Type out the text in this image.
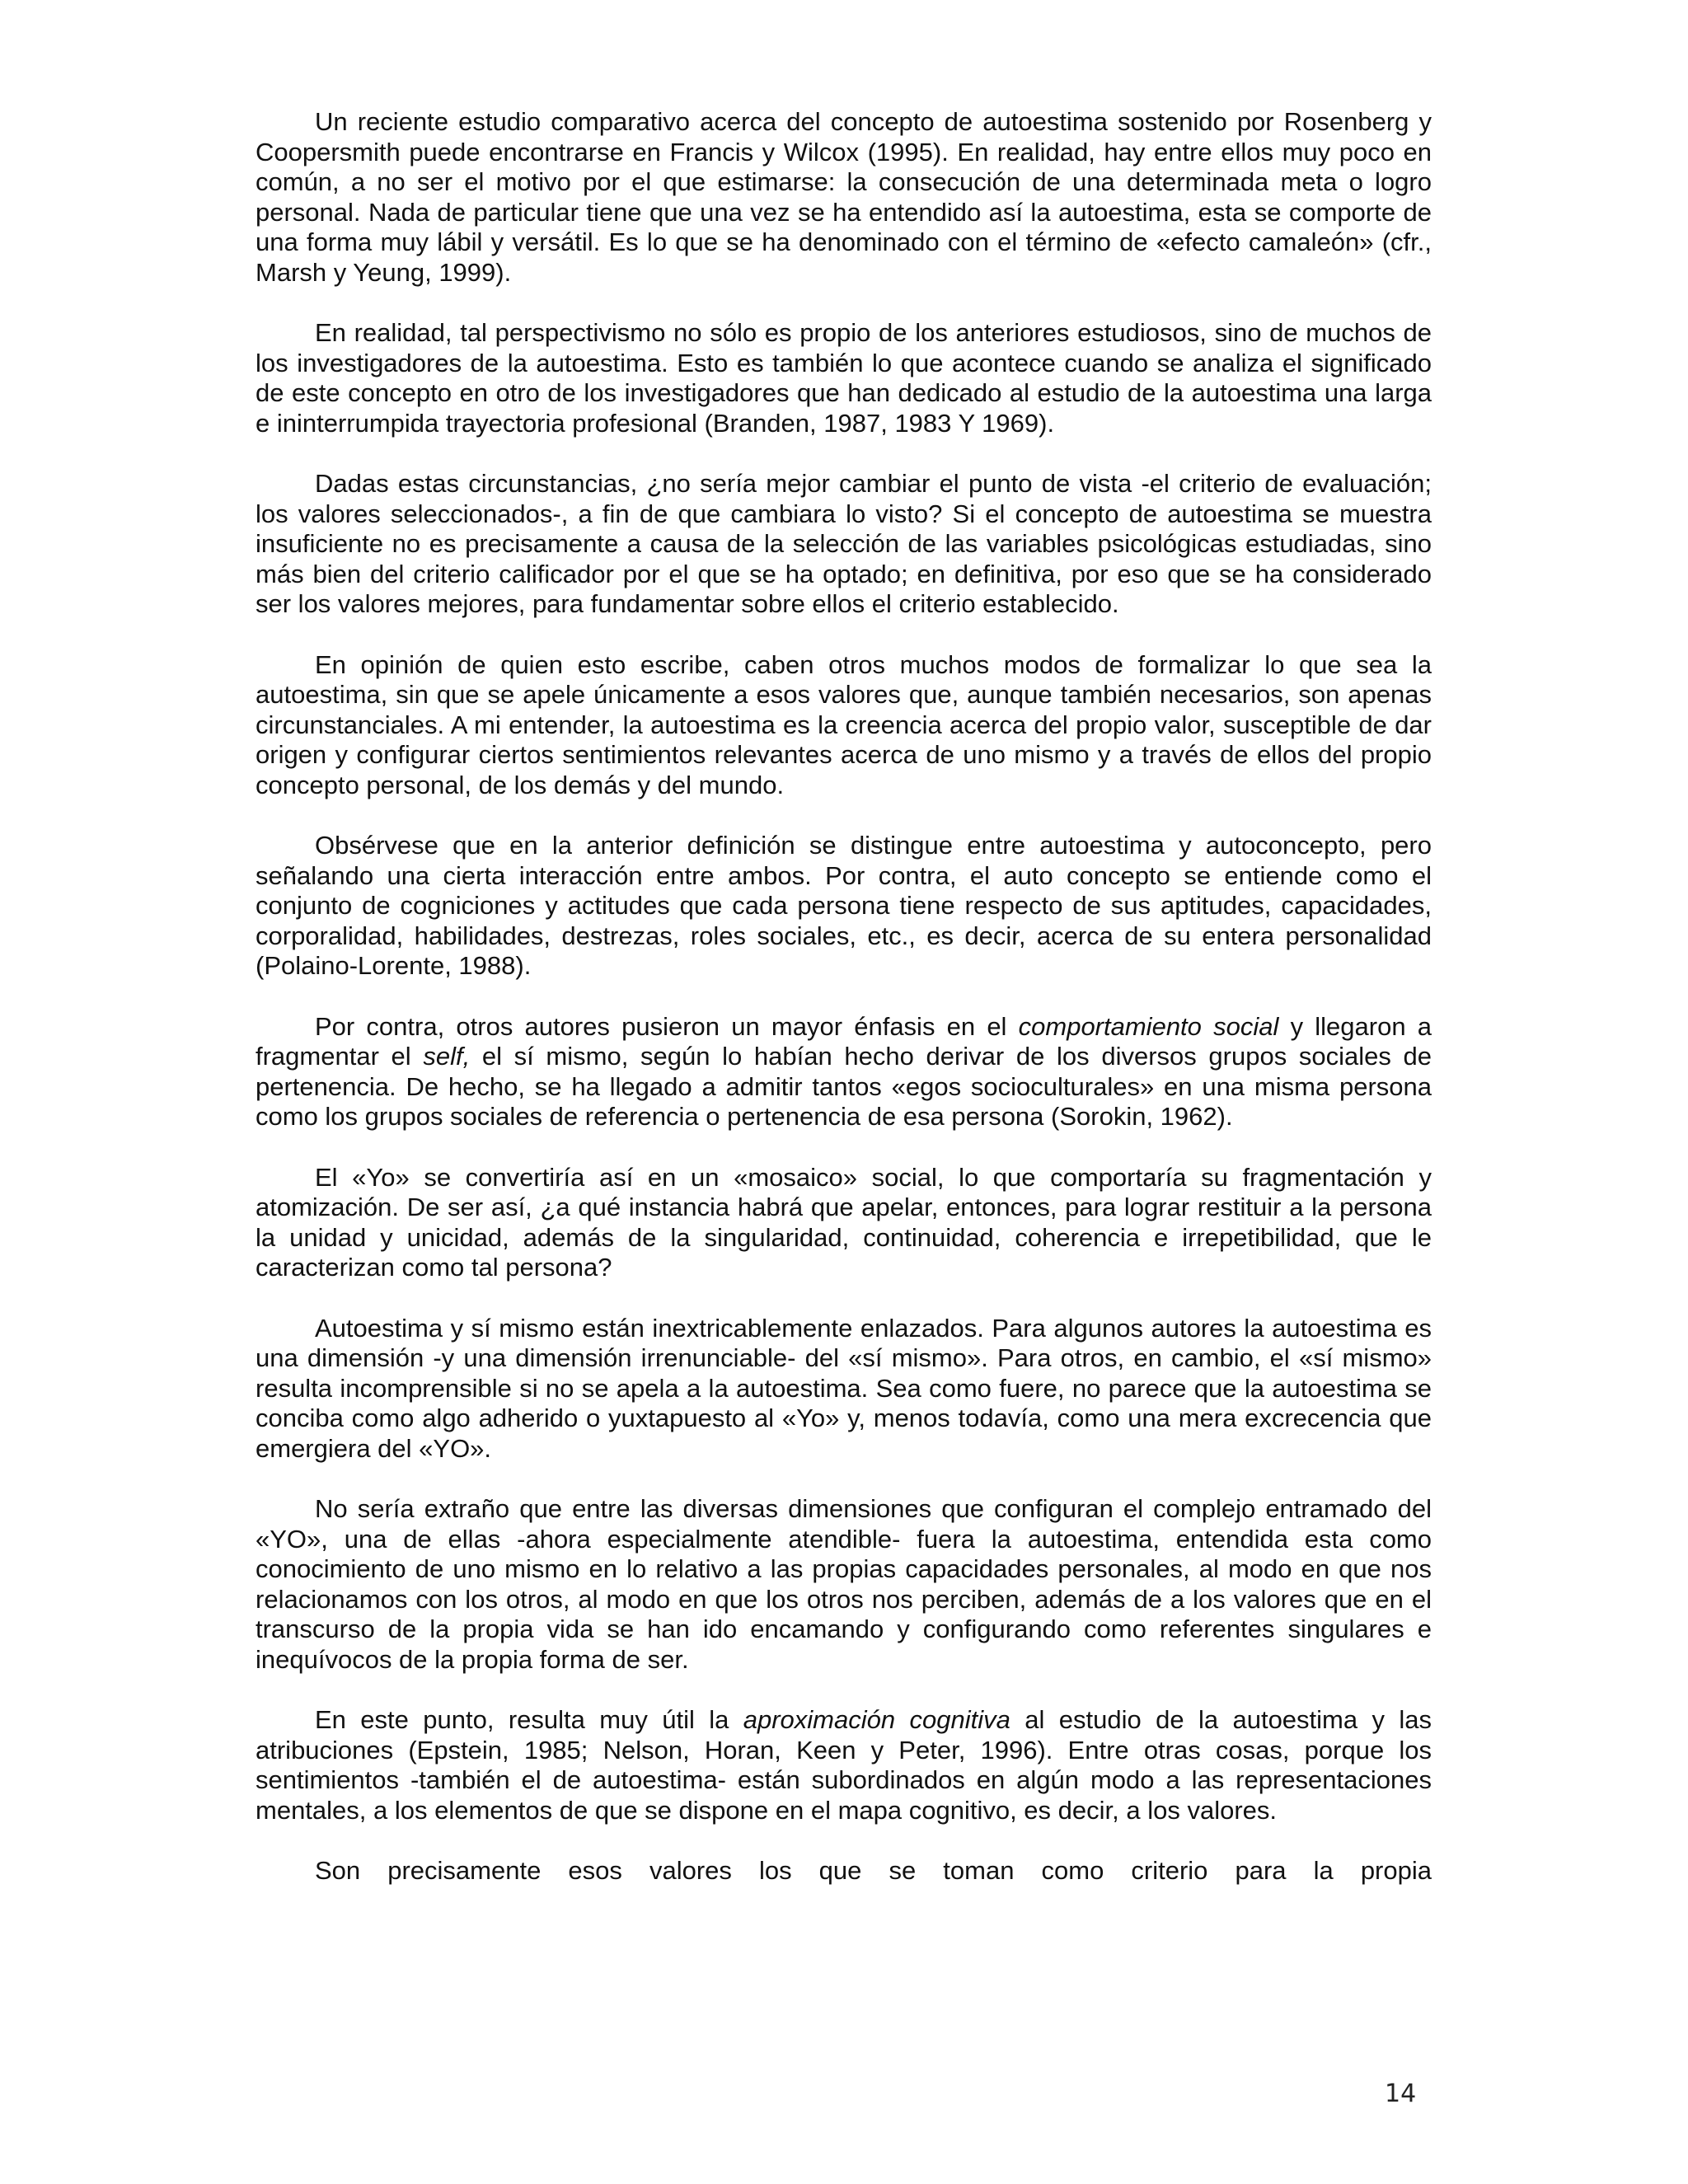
Un reciente estudio comparativo acerca del concepto de autoestima sostenido por Rosenberg y Coopersmith puede encontrarse en Francis y Wilcox (1995). En realidad, hay entre ellos muy poco en común, a no ser el motivo por el que estimarse: la consecución de una determinada meta o logro personal. Nada de particular tiene que una vez se ha entendido así la autoestima, esta se comporte de una forma muy lábil y versátil. Es lo que se ha denominado con el término de «efecto camaleón» (cfr., Marsh y Yeung, 1999).

En realidad, tal perspectivismo no sólo es propio de los anteriores estudiosos, sino de muchos de los investigadores de la autoestima. Esto es también lo que acontece cuando se analiza el significado de este concepto en otro de los investigadores que han dedicado al estudio de la autoestima una larga e ininterrumpida trayectoria profesional (Branden, 1987, 1983 Y 1969).

Dadas estas circunstancias, ¿no sería mejor cambiar el punto de vista -el criterio de evaluación; los valores seleccionados-, a fin de que cambiara lo visto? Si el concepto de autoestima se muestra insuficiente no es precisamente a causa de la selección de las variables psicológicas estudiadas, sino más bien del criterio calificador por el que se ha optado; en definitiva, por eso que se ha considerado ser los valores mejores, para fundamentar sobre ellos el criterio establecido.

En opinión de quien esto escribe, caben otros muchos modos de formalizar lo que sea la autoestima, sin que se apele únicamente a esos valores que, aunque también necesarios, son apenas circunstanciales. A mi entender, la autoestima es la creencia acerca del propio valor, susceptible de dar origen y configurar ciertos sentimientos relevantes acerca de uno mismo y a través de ellos del propio concepto personal, de los demás y del mundo.

Obsérvese que en la anterior definición se distingue entre autoestima y autoconcepto, pero señalando una cierta interacción entre ambos. Por contra, el auto concepto se entiende como el conjunto de cogniciones y actitudes que cada persona tiene respecto de sus aptitudes, capacidades, corporalidad, habilidades, destrezas, roles sociales, etc., es decir, acerca de su entera personalidad (Polaino-Lorente, 1988).

Por contra, otros autores pusieron un mayor énfasis en el comportamiento social y llegaron a fragmentar el self, el sí mismo, según lo habían hecho derivar de los diversos grupos sociales de pertenencia. De hecho, se ha llegado a admitir tantos «egos socioculturales» en una misma persona como los grupos sociales de referencia o pertenencia de esa persona (Sorokin, 1962).

El «Yo» se convertiría así en un «mosaico» social, lo que comportaría su fragmentación y atomización. De ser así, ¿a qué instancia habrá que apelar, entonces, para lograr restituir a la persona la unidad y unicidad, además de la singularidad, continuidad, coherencia e irrepetibilidad, que le caracterizan como tal persona?

Autoestima y sí mismo están inextricablemente enlazados. Para algunos autores la autoestima es una dimensión -y una dimensión irrenunciable- del «sí mismo». Para otros, en cambio, el «sí mismo» resulta incomprensible si no se apela a la autoestima. Sea como fuere, no parece que la autoestima se conciba como algo adherido o yuxtapuesto al «Yo» y, menos todavía, como una mera excrecencia que emergiera del «YO».

No sería extraño que entre las diversas dimensiones que configuran el complejo entramado del «YO», una de ellas -ahora especialmente atendible- fuera la autoestima, entendida esta como conocimiento de uno mismo en lo relativo a las propias capacidades personales, al modo en que nos relacionamos con los otros, al modo en que los otros nos perciben, además de a los valores que en el transcurso de la propia vida se han ido encamando y configurando como referentes singulares e inequívocos de la propia forma de ser.

En este punto, resulta muy útil la aproximación cognitiva al estudio de la autoestima y las atribuciones (Epstein, 1985; Nelson, Horan, Keen y Peter, 1996). Entre otras cosas, porque los sentimientos -también el de autoestima- están subordinados en algún modo a las representaciones mentales, a los elementos de que se dispone en el mapa cognitivo, es decir, a los valores.

Son precisamente esos valores los que se toman como criterio para la propia

14
